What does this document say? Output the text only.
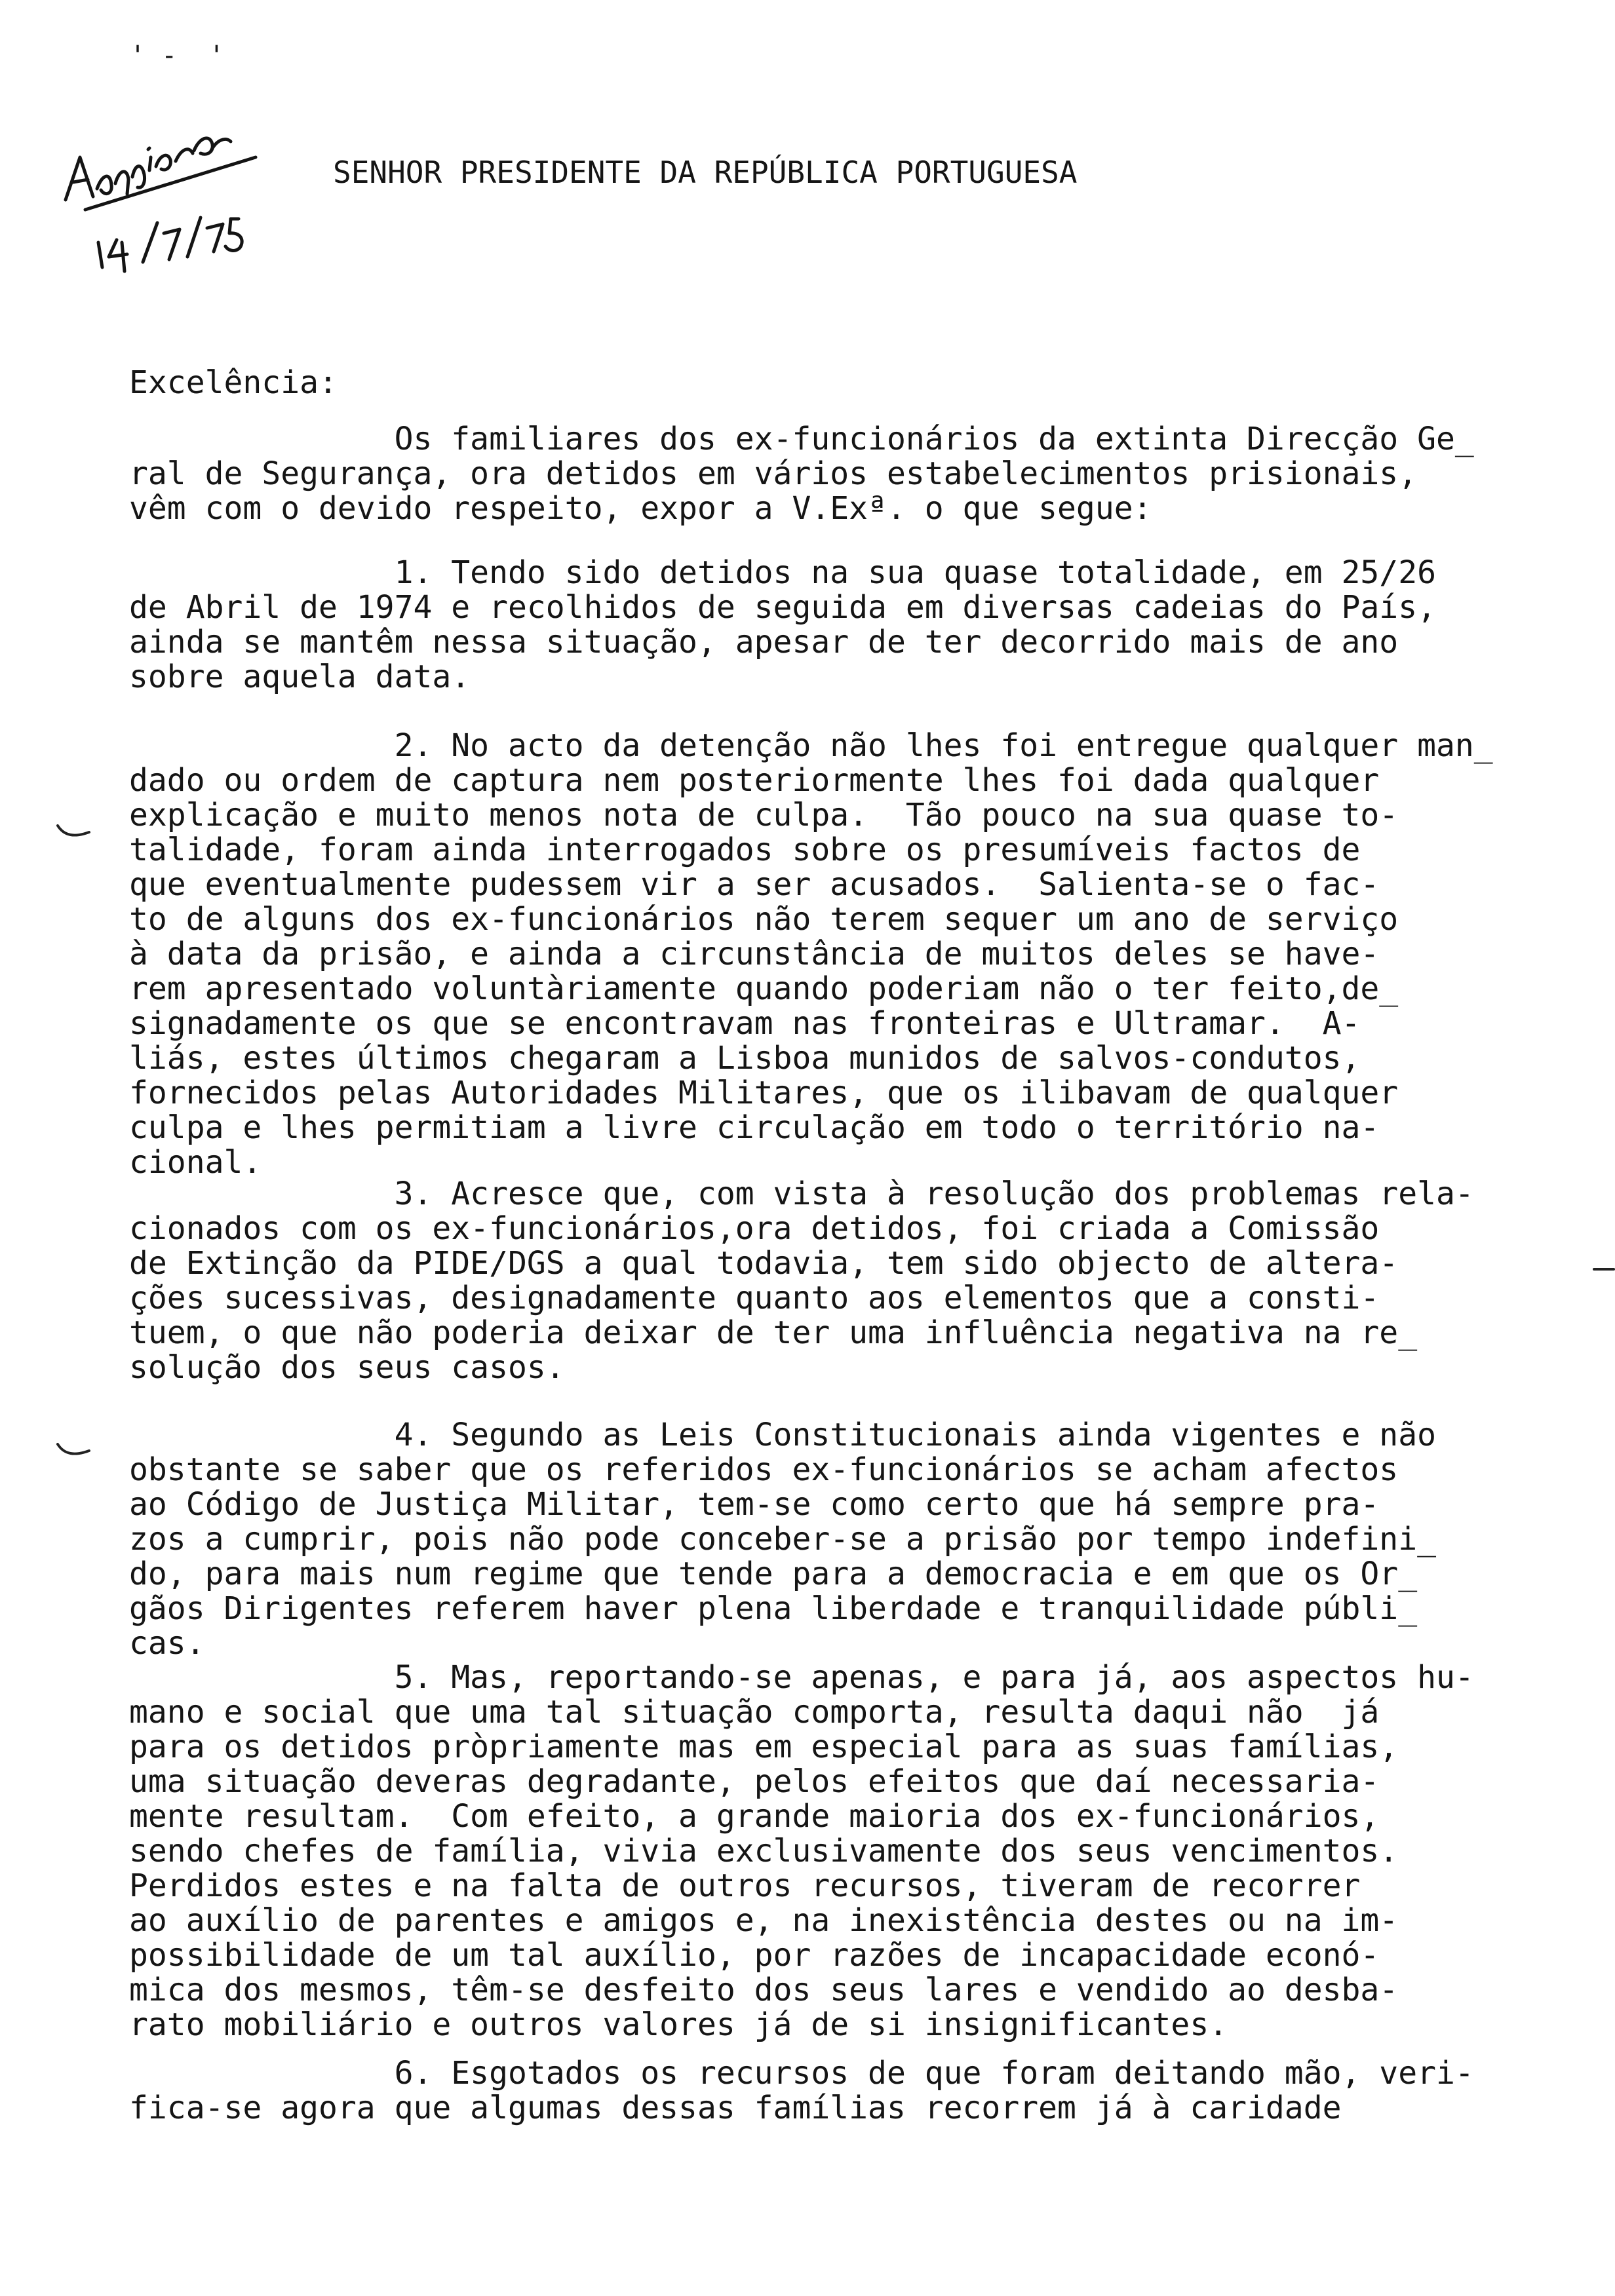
' -  '
SENHOR PRESIDENTE DA REPÚBLICA PORTUGUESA
Excelência:
Os familiares dos ex-funcionários da extinta Direcção Ge_
ral de Segurança, ora detidos em vários estabelecimentos prisionais,
vêm com o devido respeito, expor a V.Exª. o que segue:
1. Tendo sido detidos na sua quase totalidade, em 25/26
de Abril de 1974 e recolhidos de seguida em diversas cadeias do País,
ainda se mantêm nessa situação, apesar de ter decorrido mais de ano
sobre aquela data.
2. No acto da detenção não lhes foi entregue qualquer man_
dado ou ordem de captura nem posteriormente lhes foi dada qualquer
explicação e muito menos nota de culpa.  Tão pouco na sua quase to-
talidade, foram ainda interrogados sobre os presumíveis factos de
que eventualmente pudessem vir a ser acusados.  Salienta-se o fac-
to de alguns dos ex-funcionários não terem sequer um ano de serviço
à data da prisão, e ainda a circunstância de muitos deles se have-
rem apresentado voluntàriamente quando poderiam não o ter feito,de_
signadamente os que se encontravam nas fronteiras e Ultramar.  A-
liás, estes últimos chegaram a Lisboa munidos de salvos-condutos,
fornecidos pelas Autoridades Militares, que os ilibavam de qualquer
culpa e lhes permitiam a livre circulação em todo o território na-
cional.
3. Acresce que, com vista à resolução dos problemas rela-
cionados com os ex-funcionários,ora detidos, foi criada a Comissão
de Extinção da PIDE/DGS a qual todavia, tem sido objecto de altera-
ções sucessivas, designadamente quanto aos elementos que a consti-
tuem, o que não poderia deixar de ter uma influência negativa na re_
solução dos seus casos.
4. Segundo as Leis Constitucionais ainda vigentes e não
obstante se saber que os referidos ex-funcionários se acham afectos
ao Código de Justiça Militar, tem-se como certo que há sempre pra-
zos a cumprir, pois não pode conceber-se a prisão por tempo indefini_
do, para mais num regime que tende para a democracia e em que os Or_
gãos Dirigentes referem haver plena liberdade e tranquilidade públi_
cas.
5. Mas, reportando-se apenas, e para já, aos aspectos hu-
mano e social que uma tal situação comporta, resulta daqui não  já
para os detidos pròpriamente mas em especial para as suas famílias,
uma situação deveras degradante, pelos efeitos que daí necessaria-
mente resultam.  Com efeito, a grande maioria dos ex-funcionários,
sendo chefes de família, vivia exclusivamente dos seus vencimentos.
Perdidos estes e na falta de outros recursos, tiveram de recorrer
ao auxílio de parentes e amigos e, na inexistência destes ou na im-
possibilidade de um tal auxílio, por razões de incapacidade econó-
mica dos mesmos, têm-se desfeito dos seus lares e vendido ao desba-
rato mobiliário e outros valores já de si insignificantes.
6. Esgotados os recursos de que foram deitando mão, veri-
fica-se agora que algumas dessas famílias recorrem já à caridade
